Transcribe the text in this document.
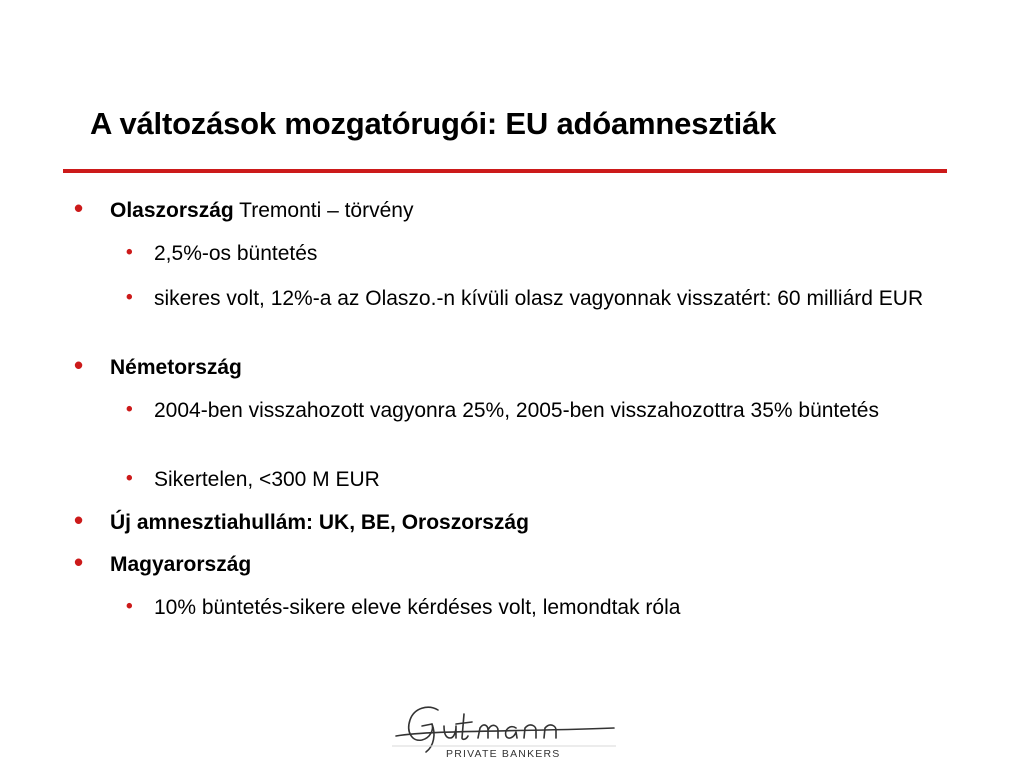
A változások mozgatórugói: EU adóamnesztiák
• Olaszország Tremonti – törvény
• 2,5%-os büntetés
• sikeres volt, 12%-a az Olaszo.-n kívüli olasz vagyonnak visszatért: 60 milliárd EUR
• Németország
• 2004-ben visszahozott vagyonra 25%, 2005-ben visszahozottra 35% büntetés
• Sikertelen, <300 M EUR
• Új amnesztiahullám: UK, BE, Oroszország
• Magyarország
• 10% büntetés-sikere eleve kérdéses volt, lemondtak róla
PRIVATE BANKERS
